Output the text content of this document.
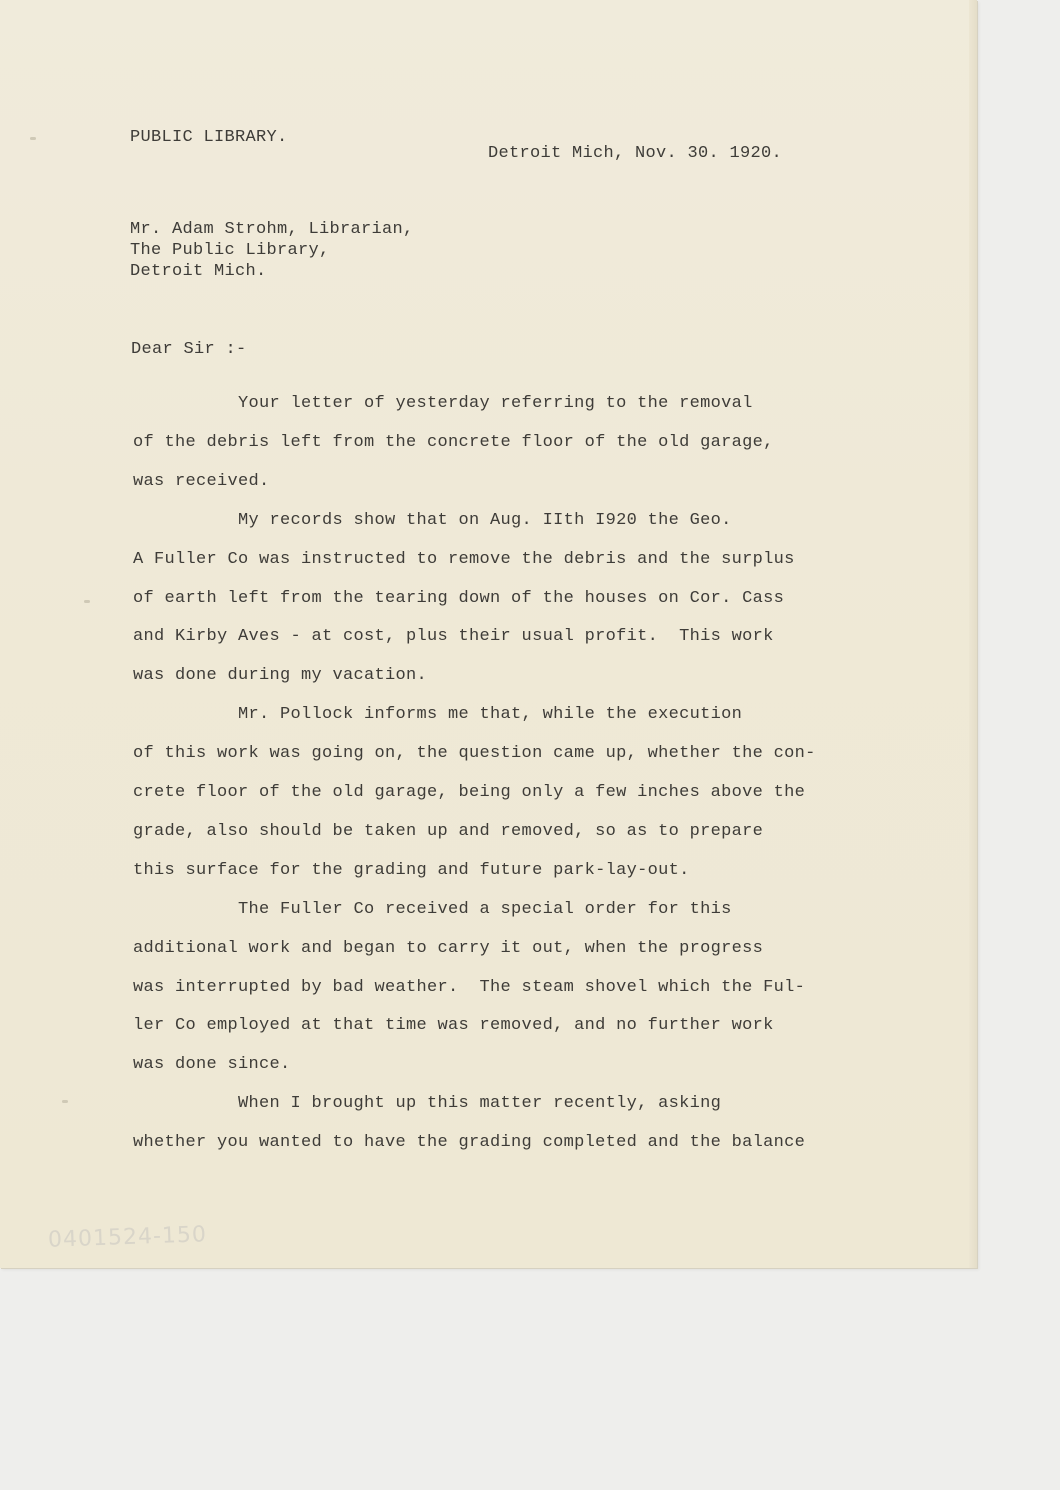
PUBLIC LIBRARY.
Detroit Mich, Nov. 30. 1920.
Mr. Adam Strohm, Librarian,
The Public Library,
Detroit Mich.
Dear Sir :-
Your letter of yesterday referring to the removal
of the debris left from the concrete floor of the old garage,
was received.
My records show that on Aug. IIth I920 the Geo.
A Fuller Co was instructed to remove the debris and the surplus
of earth left from the tearing down of the houses on Cor. Cass
and Kirby Aves - at cost, plus their usual profit.  This work
was done during my vacation.
Mr. Pollock informs me that, while the execution
of this work was going on, the question came up, whether the con-
crete floor of the old garage, being only a few inches above the
grade, also should be taken up and removed, so as to prepare
this surface for the grading and future park-lay-out.
The Fuller Co received a special order for this
additional work and began to carry it out, when the progress
was interrupted by bad weather.  The steam shovel which the Ful-
ler Co employed at that time was removed, and no further work
was done since.
When I brought up this matter recently, asking
whether you wanted to have the grading completed and the balance
0401524-150
